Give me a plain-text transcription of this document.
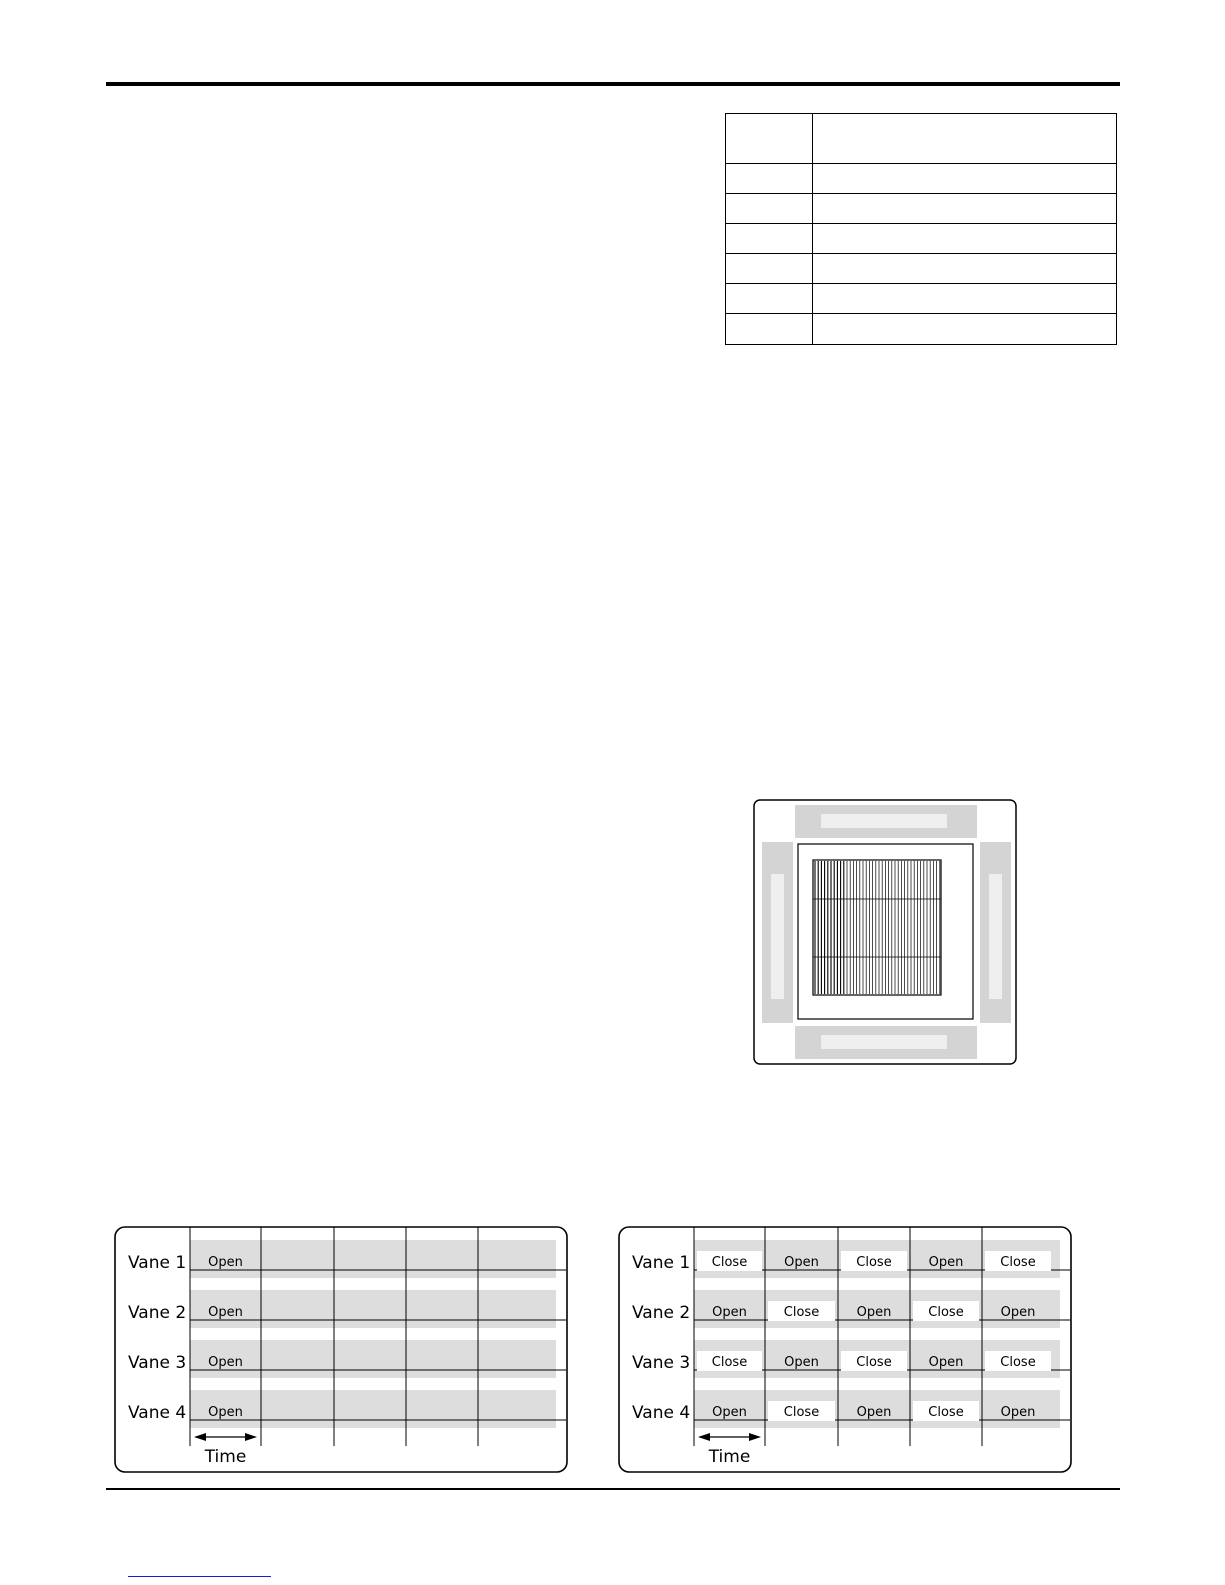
Vane 1 Open
Vane 2 Open
Vane 3 Open
Vane 4 Open
Time
Vane 1 Close	Open	Close	Open	Close
Vane 2 Open	Close	Open	Close	Open
Vane 3 Close	Open	Close	Open	Close
Vane 4 Open	Close	Open	Close	Open
Time
